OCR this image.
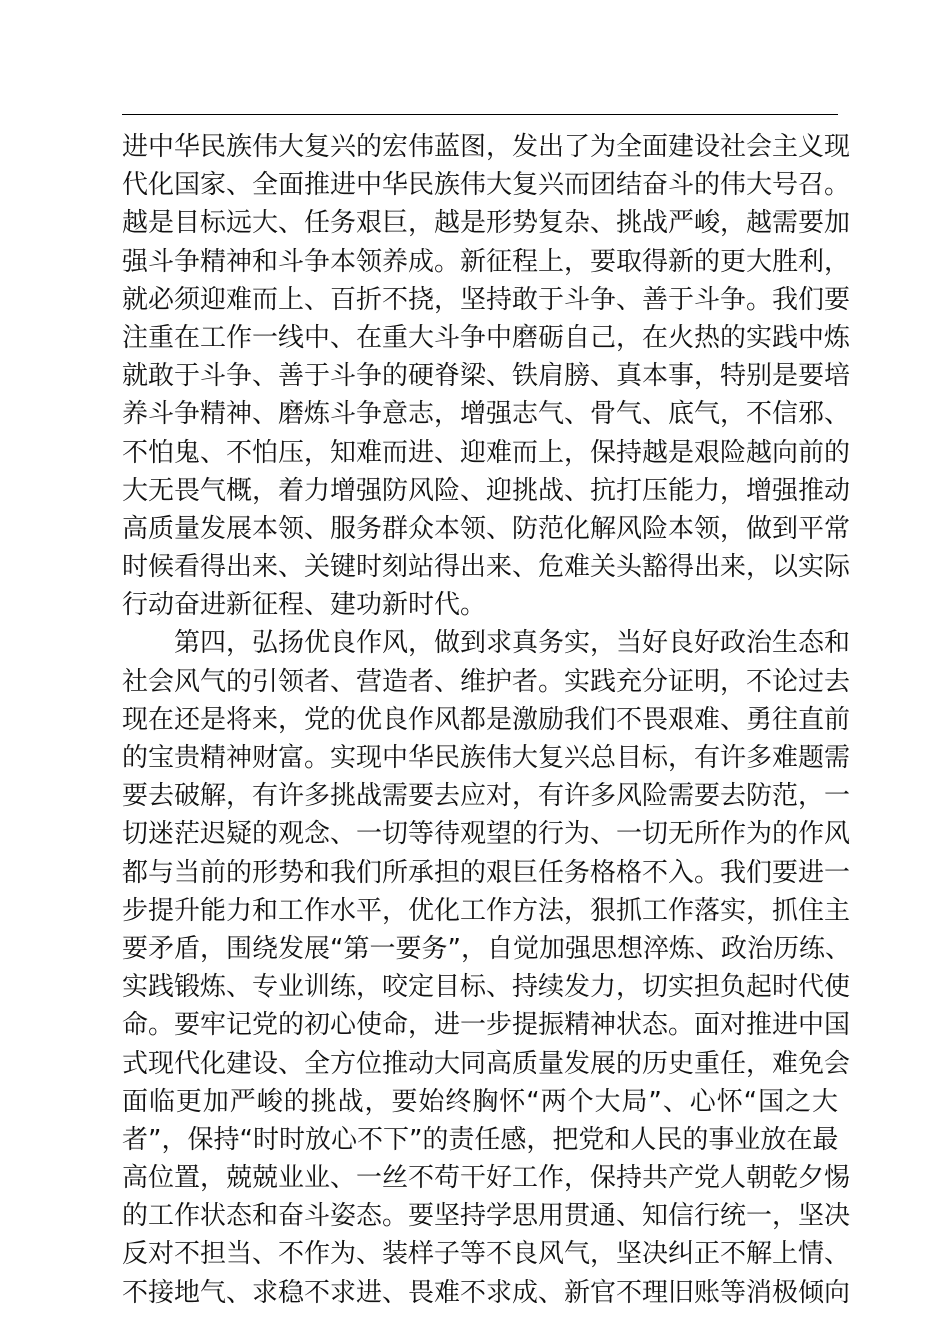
进中华民族伟大复兴的宏伟蓝图，发出了为全面建设社会主义现
代化国家、全面推进中华民族伟大复兴而团结奋斗的伟大号召。
越是目标远大、任务艰巨，越是形势复杂、挑战严峻，越需要加
强斗争精神和斗争本领养成。新征程上，要取得新的更大胜利，
就必须迎难而上、百折不挠，坚持敢于斗争、善于斗争。我们要
注重在工作一线中、在重大斗争中磨砺自己，在火热的实践中炼
就敢于斗争、善于斗争的硬脊梁、铁肩膀、真本事，特别是要培
养斗争精神、磨炼斗争意志，增强志气、骨气、底气，不信邪、
不怕鬼、不怕压，知难而进、迎难而上，保持越是艰险越向前的
大无畏气概，着力增强防风险、迎挑战、抗打压能力，增强推动
高质量发展本领、服务群众本领、防范化解风险本领，做到平常
时候看得出来、关键时刻站得出来、危难关头豁得出来，以实际
行动奋进新征程、建功新时代。
第四，弘扬优良作风，做到求真务实，当好良好政治生态和
社会风气的引领者、营造者、维护者。实践充分证明，不论过去
现在还是将来，党的优良作风都是激励我们不畏艰难、勇往直前
的宝贵精神财富。实现中华民族伟大复兴总目标，有许多难题需
要去破解，有许多挑战需要去应对，有许多风险需要去防范，一
切迷茫迟疑的观念、一切等待观望的行为、一切无所作为的作风
都与当前的形势和我们所承担的艰巨任务格格不入。我们要进一
步提升能力和工作水平，优化工作方法，狠抓工作落实，抓住主
要矛盾，围绕发展“第一要务”，自觉加强思想淬炼、政治历练、
实践锻炼、专业训练，咬定目标、持续发力，切实担负起时代使
命。要牢记党的初心使命，进一步提振精神状态。面对推进中国
式现代化建设、全方位推动大同高质量发展的历史重任，难免会
面临更加严峻的挑战，要始终胸怀“两个大局”、心怀“国之大
者”，保持“时时放心不下”的责任感，把党和人民的事业放在最
高位置，兢兢业业、一丝不苟干好工作，保持共产党人朝乾夕惕
的工作状态和奋斗姿态。要坚持学思用贯通、知信行统一，坚决
反对不担当、不作为、装样子等不良风气，坚决纠正不解上情、
不接地气、求稳不求进、畏难不求成、新官不理旧账等消极倾向
